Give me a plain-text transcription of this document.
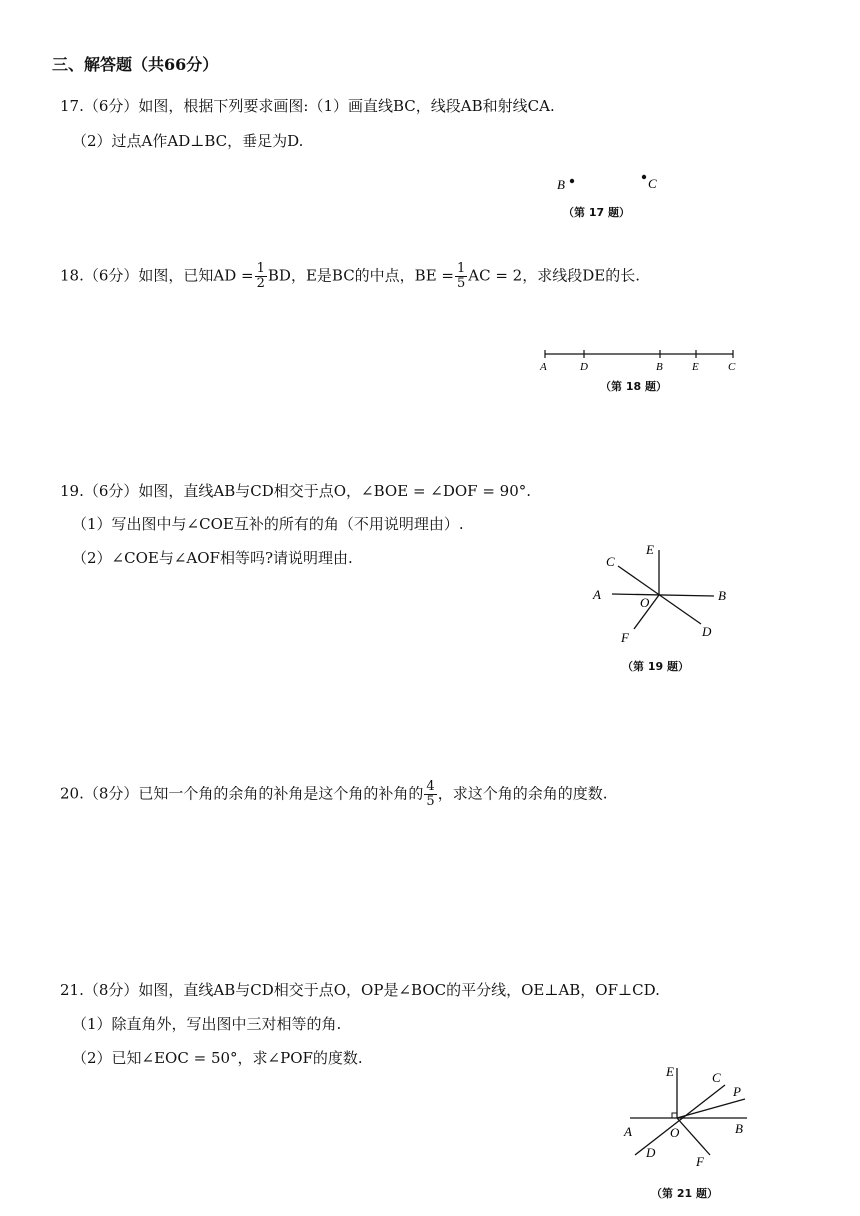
三、解答题（共66分）
17.（6分）如图，根据下列要求画图:（1）画直线BC，线段AB和射线CA.
（2）过点A作AD⊥BC，垂足为D.
B	C
（第 17 题）
18.（6分）如图，已知AD = $\frac{1}{2}$ BD，E是BC的中点，BE = $\frac{1}{5}$ AC = 2，求线段DE的长.
A	D	B	E	C
（第 18 题）
19.（6分）如图，直线AB与CD相交于点O，∠BOE = ∠DOF = 90°.
（1）写出图中与∠COE互补的所有的角（不用说明理由）.
（2）∠COE与∠AOF相等吗?请说明理由.	E
C
A
O	B
F	D
（第 19 题）
20.（8分）已知一个角的余角的补角是这个角的补角的 $\frac{4}{5}$ ，求这个角的余角的度数.
21.（8分）如图，直线AB与CD相交于点O，OP是∠BOC的平分线，OE⊥AB，OF⊥CD.
（1）除直角外，写出图中三对相等的角.
（2）已知∠EOC = 50°，求∠POF的度数.
E	C
P
A	O	B
D
F
（第 21 题）
